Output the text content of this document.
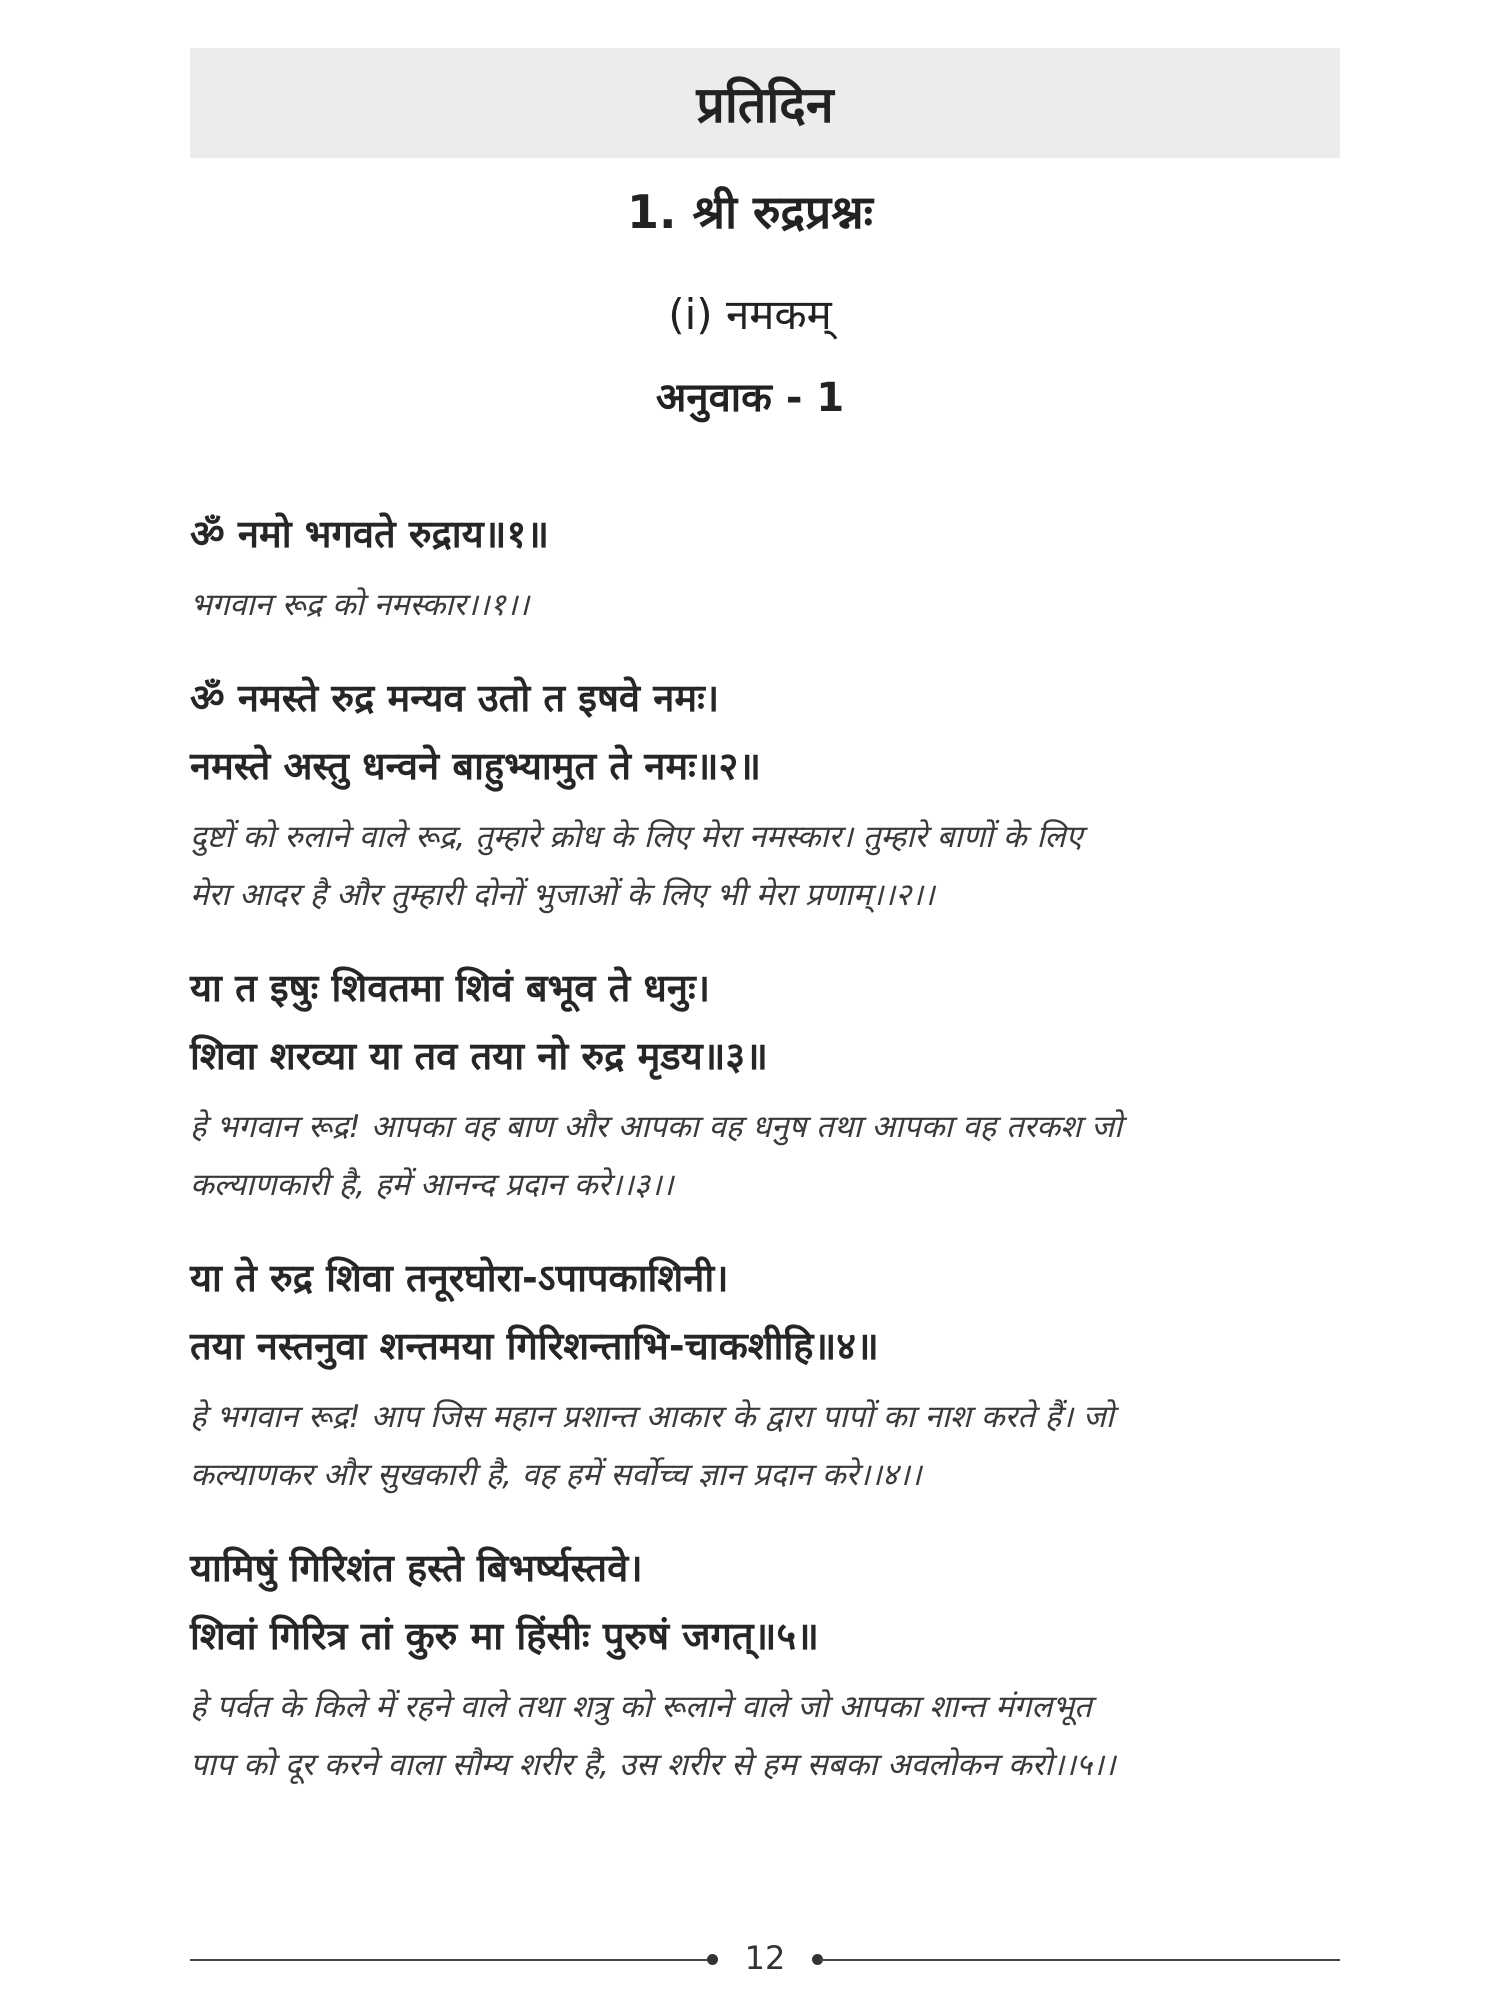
प्रतिदिन
1. श्री रुद्रप्रश्नः
(i) नमकम्
अनुवाक - 1
ॐ नमो भगवते रुद्राय॥१॥
भगवान रूद्र को नमस्कार।।१।।
ॐ नमस्ते रुद्र मन्यव उतो त इषवे नमः।
नमस्ते अस्तु धन्वने बाहुभ्यामुत ते नमः॥२॥
दुष्टों को रुलाने वाले रूद्र, तुम्हारे क्रोध के लिए मेरा नमस्कार। तुम्हारे बाणों के लिए
मेरा आदर है और तुम्हारी दोनों भुजाओं के लिए भी मेरा प्रणाम्।।२।।
या त इषुः शिवतमा शिवं बभूव ते धनुः।
शिवा शरव्या या तव तया नो रुद्र मृडय॥३॥
हे भगवान रूद्र! आपका वह बाण और आपका वह धनुष तथा आपका वह तरकश जो
कल्याणकारी है, हमें आनन्द प्रदान करे।।३।।
या ते रुद्र शिवा तनूरघोरा-ऽपापकाशिनी।
तया नस्तनुवा शन्तमया गिरिशन्ताभि-चाकशीहि॥४॥
हे भगवान रूद्र! आप जिस महान प्रशान्त आकार के द्वारा पापों का नाश करते हैं। जो
कल्याणकर और सुखकारी है, वह हमें सर्वोच्च ज्ञान प्रदान करे।।४।।
यामिषुं गिरिशंत हस्ते बिभर्ष्यस्तवे।
शिवां गिरित्र तां कुरु मा हिंसीः पुरुषं जगत्॥५॥
हे पर्वत के किले में रहने वाले तथा शत्रु को रूलाने वाले जो आपका शान्त मंगलभूत
पाप को दूर करने वाला सौम्य शरीर है, उस शरीर से हम सबका अवलोकन करो।।५।।
12
